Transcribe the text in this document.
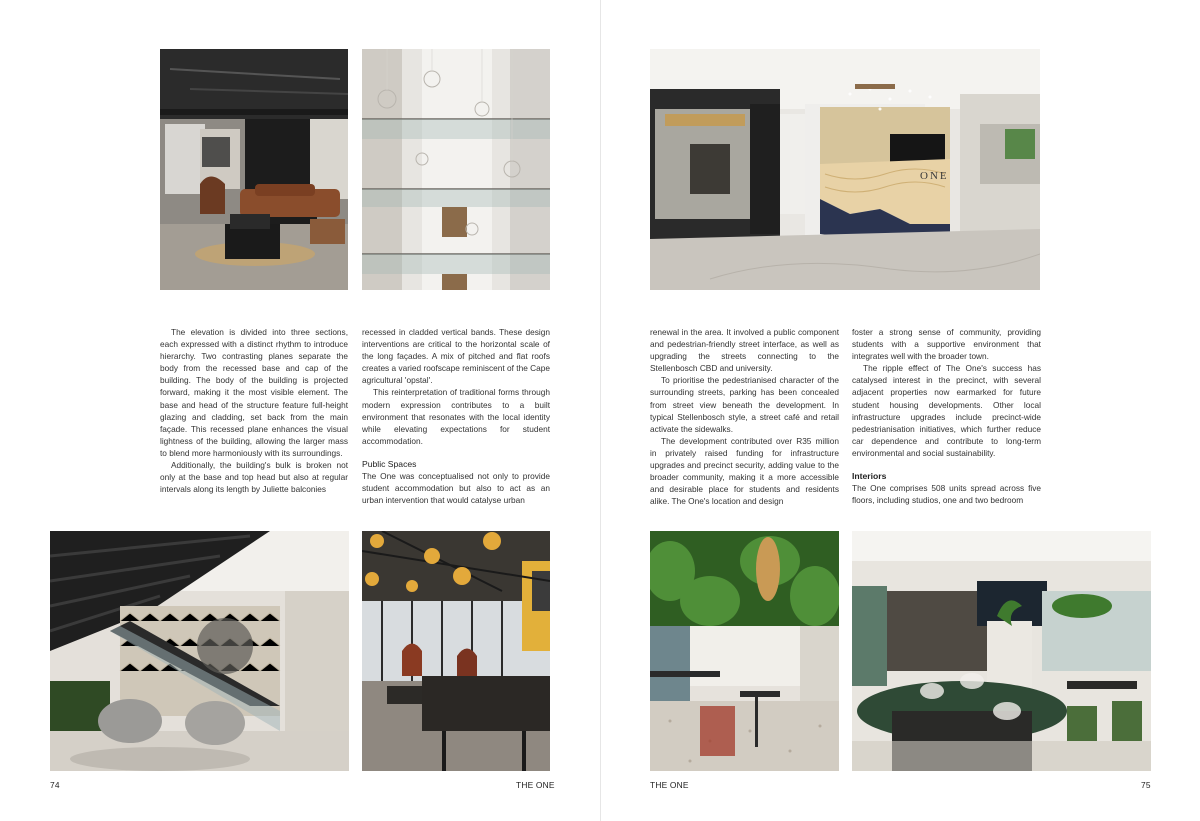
The elevation is divided into three sections, each expressed with a distinct rhythm to introduce hierarchy. Two contrasting planes separate the body from the recessed base and cap of the building. The body of the building is projected forward, making it the most visible element. The base and head of the structure feature full-height glazing and cladding, set back from the main façade. This recessed plane enhances the visual lightness of the building, allowing the larger mass to blend more harmoniously with its surroundings.

Additionally, the building's bulk is broken not only at the base and top head but also at regular intervals along its length by Juliette balconies

recessed in cladded vertical bands. These design interventions are critical to the horizontal scale of the long façades. A mix of pitched and flat roofs creates a varied roofscape reminiscent of the Cape agricultural 'opstal'.

This reinterpretation of traditional forms through modern expression contributes to a built environment that resonates with the local identity while elevating expectations for student accommodation.

Public Spaces

The One was conceptualised not only to provide student accommodation but also to act as an urban intervention that would catalyse urban

74	THE ONE
ONE

renewal in the area. It involved a public component and pedestrian-friendly street interface, as well as upgrading the streets connecting to the Stellenbosch CBD and university.

To prioritise the pedestrianised character of the surrounding streets, parking has been concealed from street view beneath the development. In typical Stellenbosch style, a street café and retail activate the sidewalks.

The development contributed over R35 million in privately raised funding for infrastructure upgrades and precinct security, adding value to the broader community, making it a more accessible and desirable place for students and residents alike. The One's location and design

foster a strong sense of community, providing students with a supportive environment that integrates well with the broader town.

The ripple effect of The One's success has catalysed interest in the precinct, with several adjacent properties now earmarked for future student housing developments. Other local infrastructure upgrades include precinct-wide pedestrianisation initiatives, which further reduce car dependence and contribute to long-term environmental and social sustainability.

Interiors

The One comprises 508 units spread across five floors, including studios, one and two bedroom

THE ONE	75
